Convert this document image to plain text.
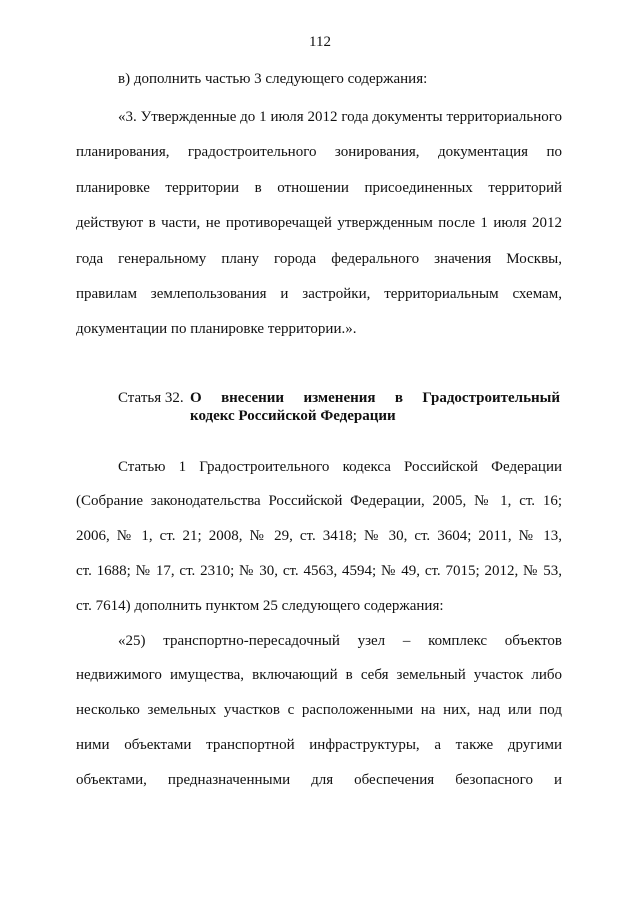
112
в) дополнить частью 3 следующего содержания:
«3. Утвержденные до 1 июля 2012 года документы территориального
планирования, градостроительного зонирования, документация по
планировке территории в отношении присоединенных территорий
действуют в части, не противоречащей утвержденным после 1 июля 2012
года генеральному плану города федерального значения Москвы,
правилам землепользования и застройки, территориальным схемам,
документации по планировке территории.».
Статья 32. О внесении изменения в Градостроительный
кодекс Российской Федерации
Статью 1 Градостроительного кодекса Российской Федерации
(Собрание законодательства Российской Федерации, 2005, № 1, ст. 16;
2006, № 1, ст. 21; 2008, № 29, ст. 3418; № 30, ст. 3604; 2011, № 13,
ст. 1688; № 17, ст. 2310; № 30, ст. 4563, 4594; № 49, ст. 7015; 2012, № 53,
ст. 7614) дополнить пунктом 25 следующего содержания:
«25) транспортно-пересадочный узел – комплекс объектов
недвижимого имущества, включающий в себя земельный участок либо
несколько земельных участков с расположенными на них, над или под
ними объектами транспортной инфраструктуры, а также другими
объектами, предназначенными для обеспечения безопасного и
